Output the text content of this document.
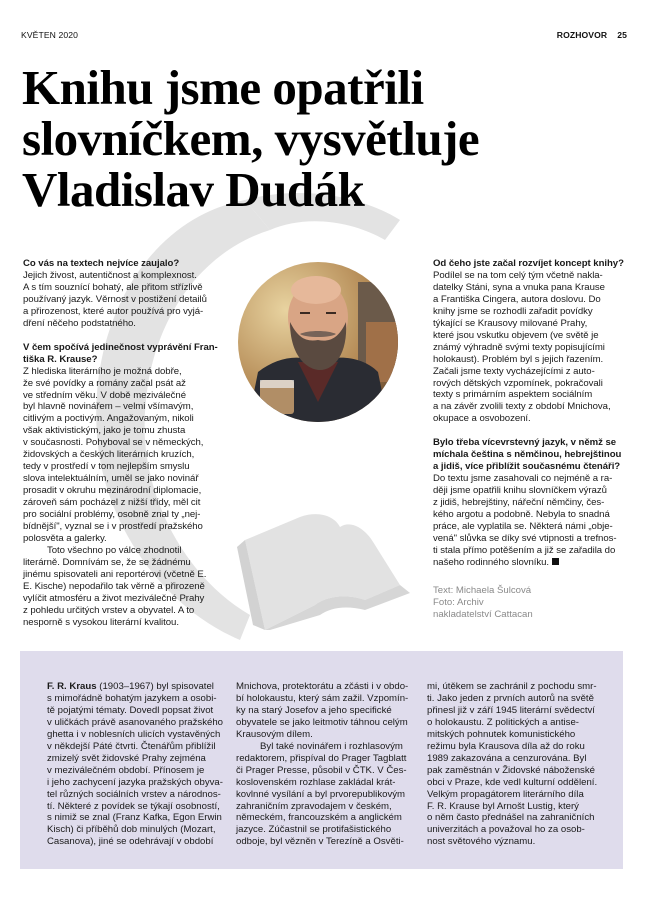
KVĚTEN 2020	ROZHOVOR 25
Knihu jsme opatřili
slovníčkem, vysvětluje
Vladislav Dudák

Co vás na textech nejvíce zaujalo?

Jejich živost, autentičnost a komplexnost.

A s tím souznící bohatý, ale přitom střízlivě

používaný jazyk. Věrnost v postižení detailů

a přirozenost, které autor používá pro vyjá-

dření něčeho podstatného.

V čem spočívá jedinečnost vyprávění Fran-

tiška R. Krause?

Z hlediska literárního je možná dobře,

že své povídky a romány začal psát až

ve středním věku. V době meziválečné

byl hlavně novinářem – velmi všímavým,

citlivým a poctivým. Angažovaným, nikoli

však aktivistickým, jako je tomu zhusta

v současnosti. Pohyboval se v německých,

židovských a českých literárních kruzích,

tedy v prostředí v tom nejlepším smyslu

slova intelektuálním, uměl se jako novinář

prosadit v okruhu mezinárodní diplomacie,

zároveň sám pocházel z nižší třídy, měl cit

pro sociální problémy, osobně znal ty „nej-

bídnější", vyznal se i v prostředí pražského

polosvěta a galerky.

Toto všechno po válce zhodnotil

literárně. Domnívám se, že se žádnému

jinému spisovateli ani reportérovi (včetně E.

E. Kische) nepodařilo tak věrně a přirozeně

vylíčit atmosféru a život meziválečné Prahy

z pohledu určitých vrstev a obyvatel. A to

nesporně s vysokou literární kvalitou.

Od čeho jste začal rozvíjet koncept knihy?

Podílel se na tom celý tým včetně nakla-

datelky Stáni, syna a vnuka pana Krause

a Františka Cingera, autora doslovu. Do

knihy jsme se rozhodli zařadit povídky

týkající se Krausovy milované Prahy,

které jsou vskutku objevem (ve světě je

známý výhradně svými texty popisujícími

holokaust). Problém byl s jejich řazením.

Začali jsme texty vycházejícími z auto-

rových dětských vzpomínek, pokračovali

texty s primárním aspektem sociálním

a na závěr zvolili texty z období Mnichova,

okupace a osvobození.

Bylo třeba vícevrstevný jazyk, v němž se

míchala čeština s němčinou, hebrejštinou

a jidiš, více přiblížit současnému čtenáři?

Do textu jsme zasahovali co nejméně a ra-

ději jsme opatřili knihu slovníčkem výrazů

z jidiš, hebrejštiny, nářeční němčiny, čes-

kého argotu a podobně. Nebyla to snadná

práce, ale vyplatila se. Některá námi „obje-

vená" slůvka se díky své vtipnosti a trefnos-

ti stala přímo potěšením a již se zařadila do

našeho rodinného slovníku.

Text: Michaela Šulcová
Foto: Archiv
nakladatelství Cattacan

F. R. Kraus (1903–1967) byl spisovatel

s mimořádně bohatým jazykem a osobi-

tě pojatými tématy. Dovedl popsat život

v uličkách právě asanovaného pražského

ghetta i v noblesních ulicích vystavěných

v někdejší Páté čtvrti. Čtenářům přiblížil

zmizelý svět židovské Prahy zejména

v meziválečném období. Přínosem je

i jeho zachycení jazyka pražských obyva-

tel různých sociálních vrstev a národnos-

tí. Některé z povídek se týkají osobností,

s nimiž se znal (Franz Kafka, Egon Erwin

Kisch) či příběhů dob minulých (Mozart,

Casanova), jiné se odehrávají v období

Mnichova, protektorátu a zčásti i v obdo-

bí holokaustu, který sám zažil. Vzpomín-

ky na starý Josefov a jeho specifické

obyvatele se jako leitmotiv táhnou celým

Krausovým dílem.

Byl také novinářem i rozhlasovým

redaktorem, přispíval do Prager Tagblatt

či Prager Presse, působil v ČTK. V Čes-

koslovenském rozhlase zakládal krát-

kovlnné vysílání a byl prvorepublikovým

zahraničním zpravodajem v českém,

německém, francouzském a anglickém

jazyce. Zúčastnil se protifašistického

odboje, byl vězněn v Terezíně a Osvěti-

mi, útěkem se zachránil z pochodu smr-

ti. Jako jeden z prvních autorů na světě

přinesl již v září 1945 literární svědectví

o holokaustu. Z politických a antise-

mitských pohnutek komunistického

režimu byla Krausova díla až do roku

1989 zakazována a cenzurována. Byl

pak zaměstnán v Židovské náboženské

obci v Praze, kde vedl kulturní oddělení.

Velkým propagátorem literárního díla

F. R. Krause byl Arnošt Lustig, který

o něm často přednášel na zahraničních

univerzitách a považoval ho za osob-

nost světového významu.
